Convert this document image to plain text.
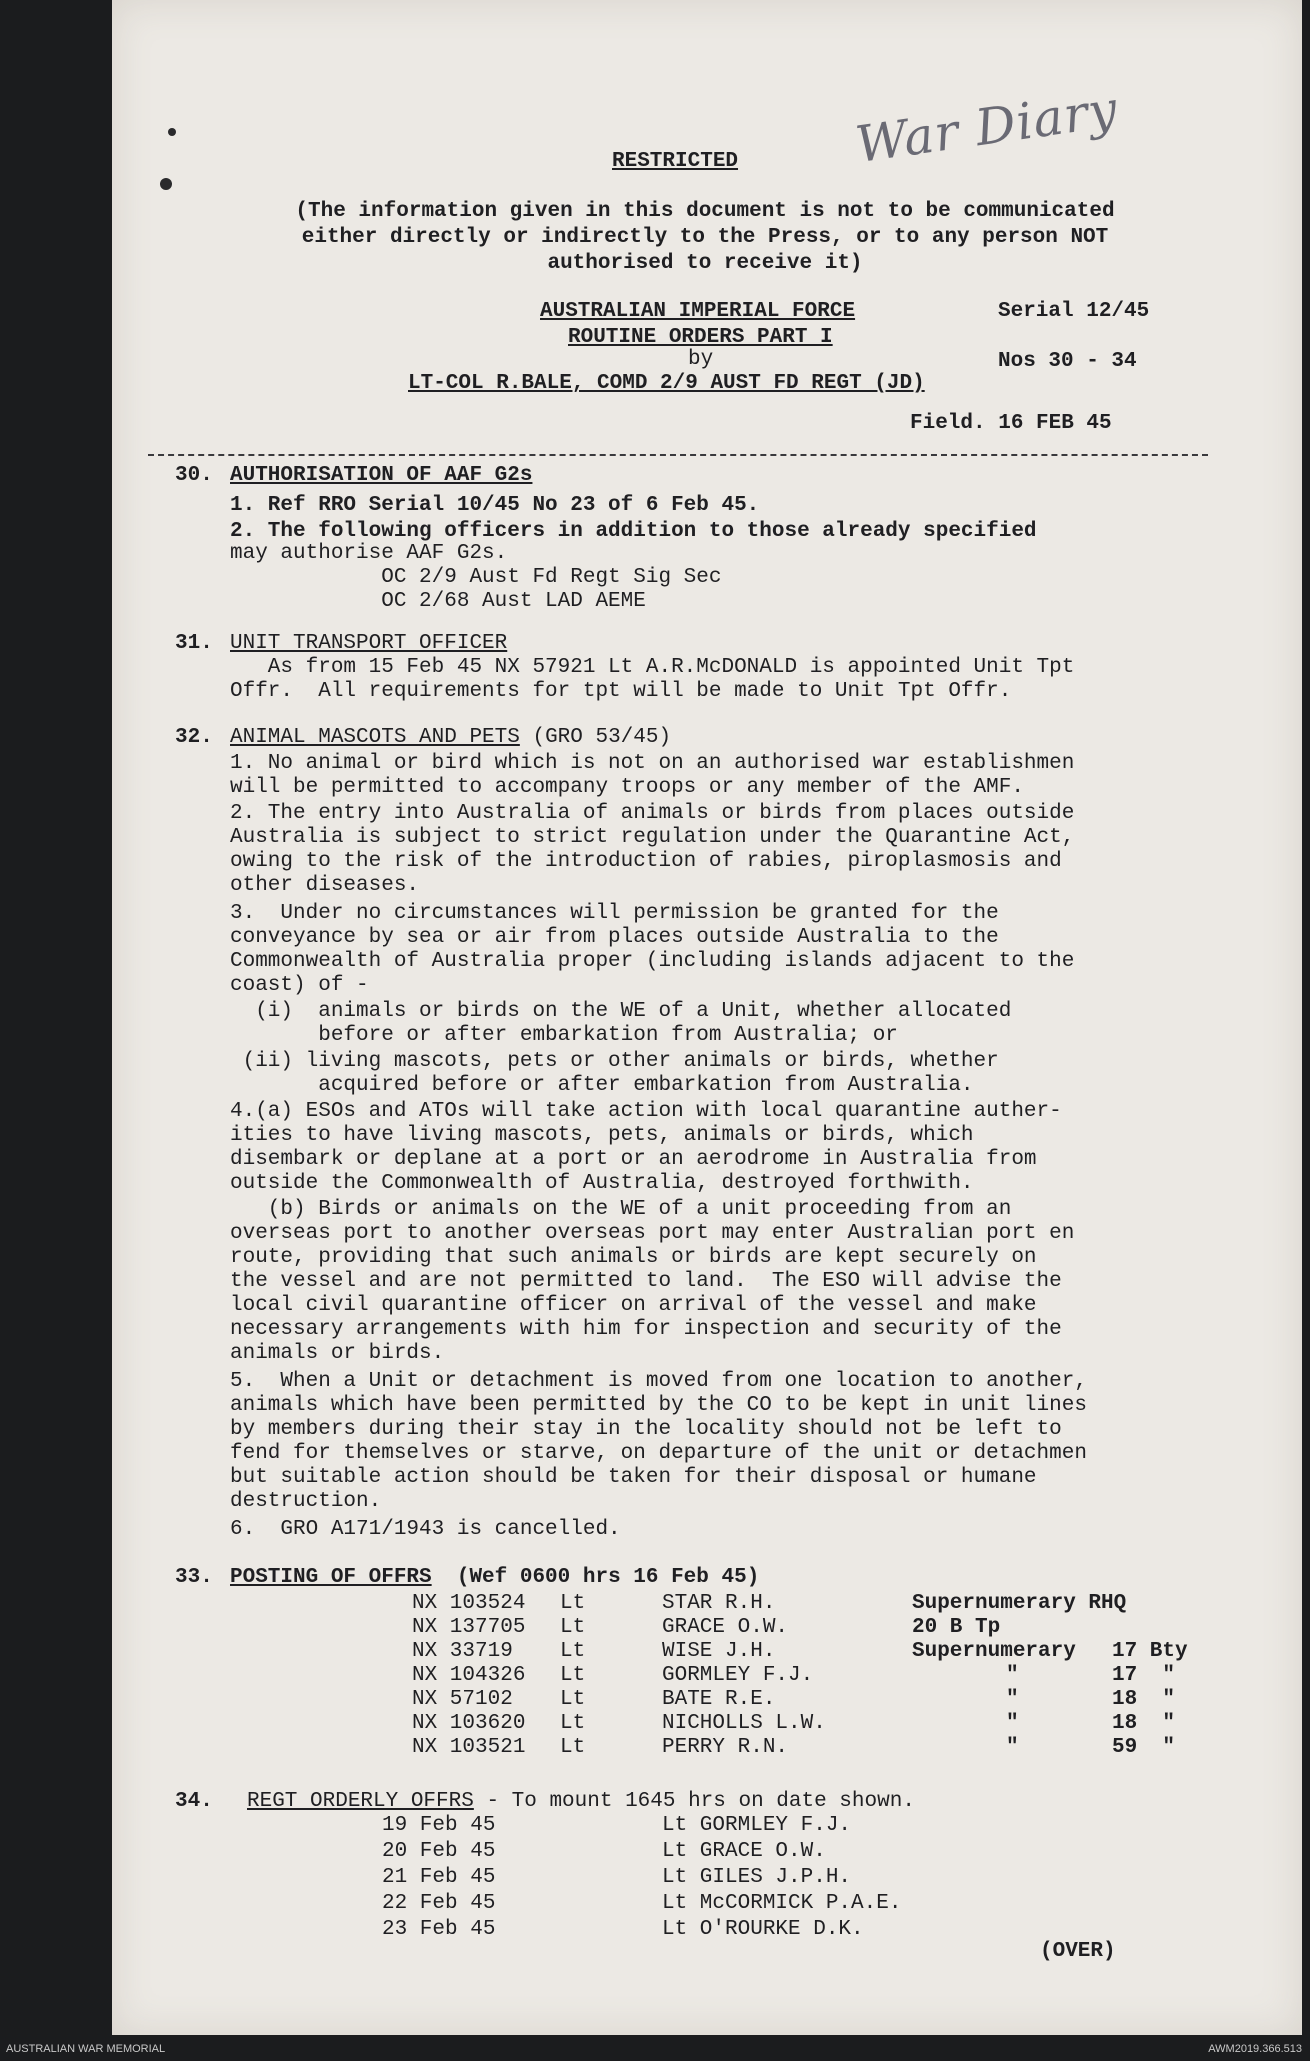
War Diary
RESTRICTED
(The information given in this document is not to be communicated
either directly or indirectly to the Press, or to any person NOT
authorised to receive it)
AUSTRALIAN IMPERIAL FORCE
ROUTINE ORDERS PART I
by
LT-COL R.BALE, COMD 2/9 AUST FD REGT (JD)
Serial 12/45
Nos 30 - 34
Field. 16 FEB 45
30. AUTHORISATION OF AAF G2s
1. Ref RRO Serial 10/45 No 23 of 6 Feb 45.
2. The following officers in addition to those already specified
may authorise AAF G2s.
OC 2/9 Aust Fd Regt Sig Sec
OC 2/68 Aust LAD AEME
31. UNIT TRANSPORT OFFICER
As from 15 Feb 45 NX 57921 Lt A.R.McDONALD is appointed Unit Tpt
Offr.  All requirements for tpt will be made to Unit Tpt Offr.
32. ANIMAL MASCOTS AND PETS (GRO 53/45)
1. No animal or bird which is not on an authorised war establishmen
will be permitted to accompany troops or any member of the AMF.
2. The entry into Australia of animals or birds from places outside
Australia is subject to strict regulation under the Quarantine Act,
owing to the risk of the introduction of rabies, piroplasmosis and
other diseases.
3.  Under no circumstances will permission be granted for the
conveyance by sea or air from places outside Australia to the
Commonwealth of Australia proper (including islands adjacent to the
coast) of -
(i)  animals or birds on the WE of a Unit, whether allocated
before or after embarkation from Australia; or
(ii) living mascots, pets or other animals or birds, whether
acquired before or after embarkation from Australia.
4.(a) ESOs and ATOs will take action with local quarantine auther-
ities to have living mascots, pets, animals or birds, which
disembark or deplane at a port or an aerodrome in Australia from
outside the Commonwealth of Australia, destroyed forthwith.
(b) Birds or animals on the WE of a unit proceeding from an
overseas port to another overseas port may enter Australian port en
route, providing that such animals or birds are kept securely on
the vessel and are not permitted to land.  The ESO will advise the
local civil quarantine officer on arrival of the vessel and make
necessary arrangements with him for inspection and security of the
animals or birds.
5.  When a Unit or detachment is moved from one location to another,
animals which have been permitted by the CO to be kept in unit lines
by members during their stay in the locality should not be left to
fend for themselves or starve, on departure of the unit or detachmen
but suitable action should be taken for their disposal or humane
destruction.
6.  GRO A171/1943 is cancelled.
33. POSTING OF OFFRS  (Wef 0600 hrs 16 Feb 45)
NX 103524 Lt	STAR R.H.	Supernumerary RHQ
NX 137705 Lt	GRACE O.W.	20 B Tp
NX 33719 Lt	WISE J.H.	Supernumerary 17 Bty
NX 104326 Lt	GORMLEY F.J.	"	17  "
NX 57102 Lt	BATE R.E.	"	18  "
NX 103620 Lt	NICHOLLS L.W.	"	18  "
NX 103521 Lt	PERRY R.N.	"	59  "
34. REGT ORDERLY OFFRS - To mount 1645 hrs on date shown.
19 Feb 45	Lt GORMLEY F.J.
20 Feb 45	Lt GRACE O.W.
21 Feb 45	Lt GILES J.P.H.
22 Feb 45	Lt McCORMICK P.A.E.
23 Feb 45	Lt O'ROURKE D.K.
(OVER)
AUSTRALIAN WAR MEMORIAL	AWM2019.366.513
